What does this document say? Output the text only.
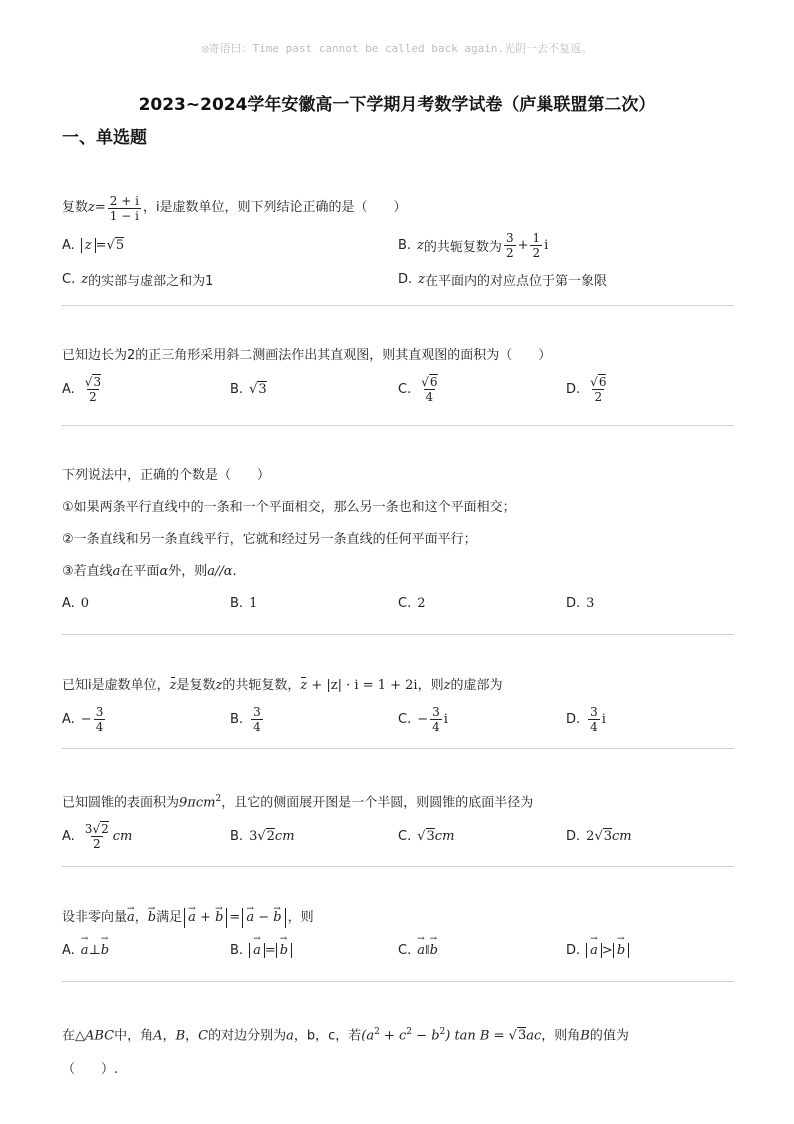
◎寄语曰：Time past cannot be called back again.光阴一去不复返。
2023~2024学年安徽高一下学期月考数学试卷（庐巢联盟第二次）
一、单选题
复数 $z = \frac{2 + i}{1 - i}$ ，i是虚数单位，则下列结论正确的是（　　）
A. z = √ 5	B. z 的共轭复数为 $\frac{3}{2} + \frac{1}{2}$ i
C. z 的实部与虚部之和为1	D. z 在平面内的对应点位于第一象限
已知边长为2的正三角形采用斜二测画法作出其直观图，则其直观图的面积为（　　）
A. $\frac{√3}{2}$	B. √ 3	C. $\frac{√6}{4}$	D. $\frac{√6}{2}$
下列说法中，正确的个数是（　　）
①如果两条平行直线中的一条和一个平面相交，那么另一条也和这个平面相交；
②一条直线和另一条直线平行，它就和经过另一条直线的任何平面平行；
③若直线a在平面α外，则a//α.
A. 0	B. 1	C. 2	D. 3
已知i是虚数单位，z是复数z的共轭复数，z + |z| · i = 1 + 2i，则z的虚部为
A. − $\frac{3}{4}$	B. $\frac{3}{4}$	C. − $\frac{3}{4}$ i	D. $\frac{3}{4}$ i
已知圆锥的表面积为9πcm$^2$，且它的侧面展开图是一个半圆，则圆锥的底面半径为
A. $\frac{3√2}{2}$ cm	B. 3 √ 2 cm	C. √ 3 cm	D. 2 √ 3 cm
设非零向量 → a ， → b 满足 → a + → b = → a − → b ，则
A. → a ⊥ → b	B. → a = → b	C. → a ∥ → b	D. → a > → b
在△ABC中，角A，B，C的对边分别为a，b，c，若$(a^2 + c^2 - b^2)$ tan B = √3ac，则角B的值为
（　　）.
